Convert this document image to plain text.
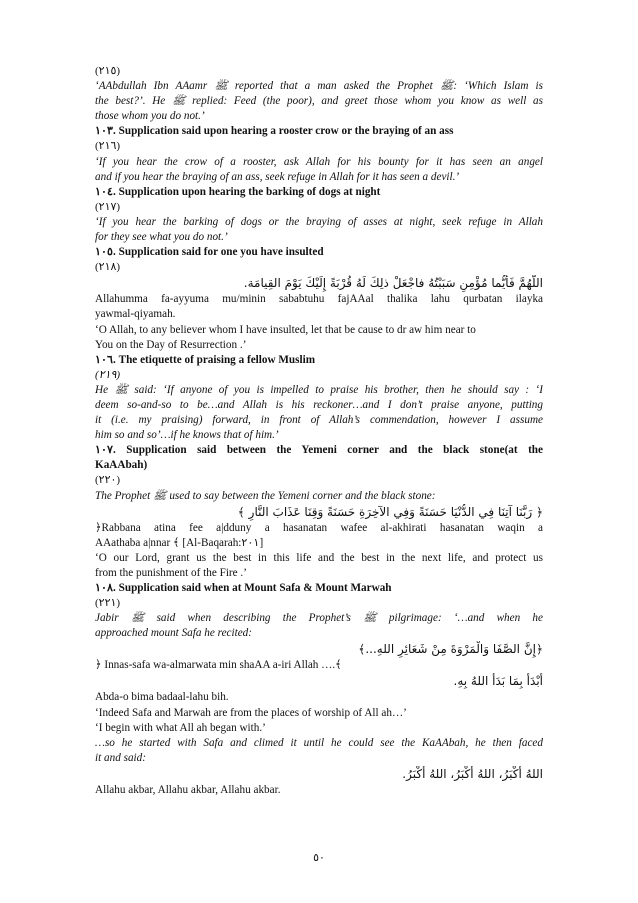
(٢١٥)
‘AAbdullah Ibn AAamr ﷺ reported that a man asked the Prophet ﷺ: ‘Which Islam is
the best?’. He ﷺ replied: Feed (the poor), and greet those whom you know as well as
those whom you do not.’
١٠٣. Supplication said upon hearing a rooster crow or the braying of an ass
(٢١٦)
‘If you hear the crow of a rooster, ask Allah for his bounty for it has seen an angel
and if you hear the braying of an ass, seek refuge in Allah for it has seen a devil.’
١٠٤. Supplication upon hearing the barking of dogs at night
(٢١٧)
‘If you hear the barking of dogs or the braying of asses at night, seek refuge in Allah
for they see what you do not.’
١٠٥. Supplication said for one you have insulted
(٢١٨)
اللّهُمَّ فَأَيُّما مُؤْمِنٍ سَبَبْتُهُ فاجْعَلْ ذلِكَ لَهُ قُرْبَةً إِلَيْكَ يَوْمَ القِيامَة.
Allahumma fa-ayyuma mu/minin sababtuhu fajAAal thalika lahu qurbatan ilayka
yawmal-qiyamah.
‘O Allah, to any believer whom I have insulted, let that be cause to dr aw him near to
You on the Day of Resurrection .’
١٠٦. The etiquette of praising a fellow Muslim
(٢١٩)
He ﷺ said: ‘If anyone of you is impelled to praise his brother, then he should say : ‘I
deem so-and-so to be…and Allah is his reckoner…and I don’t praise anyone, putting
it (i.e. my praising) forward, in front of Allah’s commendation, however I assume
him so and so’…if he knows that of him.’
١٠٧. Supplication said between the Yemeni corner and the black stone(at the
KaAAbah)
(٢٢٠)
The Prophet ﷺ used to say between the Yemeni corner and the black stone:
﴿ رَبَّنَا آتِنَا فِي الدُّنْيَا حَسَنَةً وَفِي الآخِرَةِ حَسَنَةً وَقِنَا عَذَابَ النَّارِ ﴾
﴿Rabbana atina fee a|dduny a hasanatan wafee al-akhirati hasanatan waqin a
AAathaba a|nnar ﴾ [Al-Baqarah:٢٠١]
‘O our Lord, grant us the best in this life and the best in the next life, and protect us
from the punishment of the Fire .’
١٠٨. Supplication said when at Mount Safa & Mount Marwah
(٢٢١)
Jabir ﷺ said when describing the Prophet’s ﷺ pilgrimage: ‘…and when he
approached mount Safa he recited:
﴿إِنَّ الصَّفَا وَالْمَرْوَةَ مِنْ شَعَائِرِ اللهِ...﴾
﴿ Innas-safa wa-almarwata min shaAA a-iri Allah ….﴾
أَبْدَأُ بِمَا بَدَأَ اللهُ بِهِ.
Abda-o bima badaal-lahu bih.
‘Indeed Safa and Marwah are from the places of worship of All ah…’
‘I begin with what All ah began with.’
…so he started with Safa and climed it until he could see the KaAAbah, he then faced
it and said:
اللهُ أَكْبَرُ، اللهُ أَكْبَرُ، اللهُ أَكْبَرُ.
Allahu akbar, Allahu akbar, Allahu akbar.
٥٠
